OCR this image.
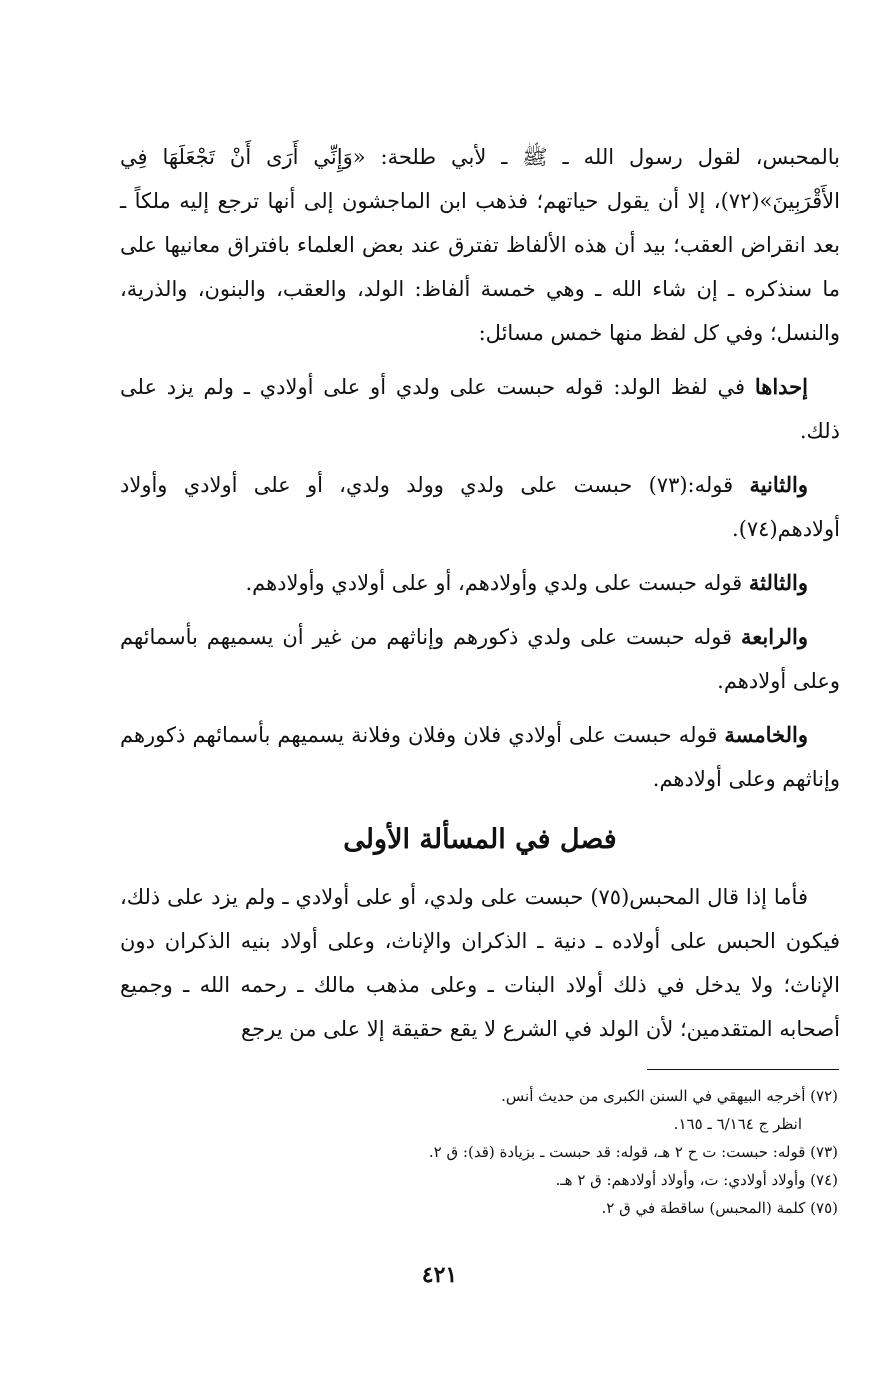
بالمحبس، لقول رسول الله ـ ﷺ ـ لأبي طلحة: «وَإِنِّي أَرَى أَنْ تَجْعَلَهَا فِي الأَقْرَبِينَ»(٧٢)، إلا أن يقول حياتهم؛ فذهب ابن الماجشون إلى أنها ترجع إليه ملكاً ـ بعد انقراض العقب؛ بيد أن هذه الألفاظ تفترق عند بعض العلماء بافتراق معانيها على ما سنذكره ـ إن شاء الله ـ وهي خمسة ألفاظ: الولد، والعقب، والبنون، والذرية، والنسل؛ وفي كل لفظ منها خمس مسائل:

إحداها في لفظ الولد: قوله حبست على ولدي أو على أولادي ـ ولم يزد على ذلك.

والثانية قوله:(٧٣) حبست على ولدي وولد ولدي، أو على أولادي وأولاد أولادهم(٧٤).

والثالثة قوله حبست على ولدي وأولادهم، أو على أولادي وأولادهم.

والرابعة قوله حبست على ولدي ذكورهم وإناثهم من غير أن يسميهم بأسمائهم وعلى أولادهم.

والخامسة قوله حبست على أولادي فلان وفلان وفلانة يسميهم بأسمائهم ذكورهم وإناثهم وعلى أولادهم.

فصل في المسألة الأولى

فأما إذا قال المحبس(٧٥) حبست على ولدي، أو على أولادي ـ ولم يزد على ذلك، فيكون الحبس على أولاده ـ دنية ـ الذكران والإناث، وعلى أولاد بنيه الذكران دون الإناث؛ ولا يدخل في ذلك أولاد البنات ـ وعلى مذهب مالك ـ رحمه الله ـ وجميع أصحابه المتقدمين؛ لأن الولد في الشرع لا يقع حقيقة إلا على من يرجع

(٧٢) أخرجه البيهقي في السنن الكبرى من حديث أنس.

انظر ج ٦/١٦٤ ـ ١٦٥.

(٧٣) قوله: حبست: ت ح ٢ هـ، قوله: قد حبست ـ بزيادة (قد): ق ٢.

(٧٤) وأولاد أولادي: ت، وأولاد أولادهم: ق ٢ هـ.

(٧٥) كلمة (المحبس) ساقطة في ق ٢.

٤٢١
